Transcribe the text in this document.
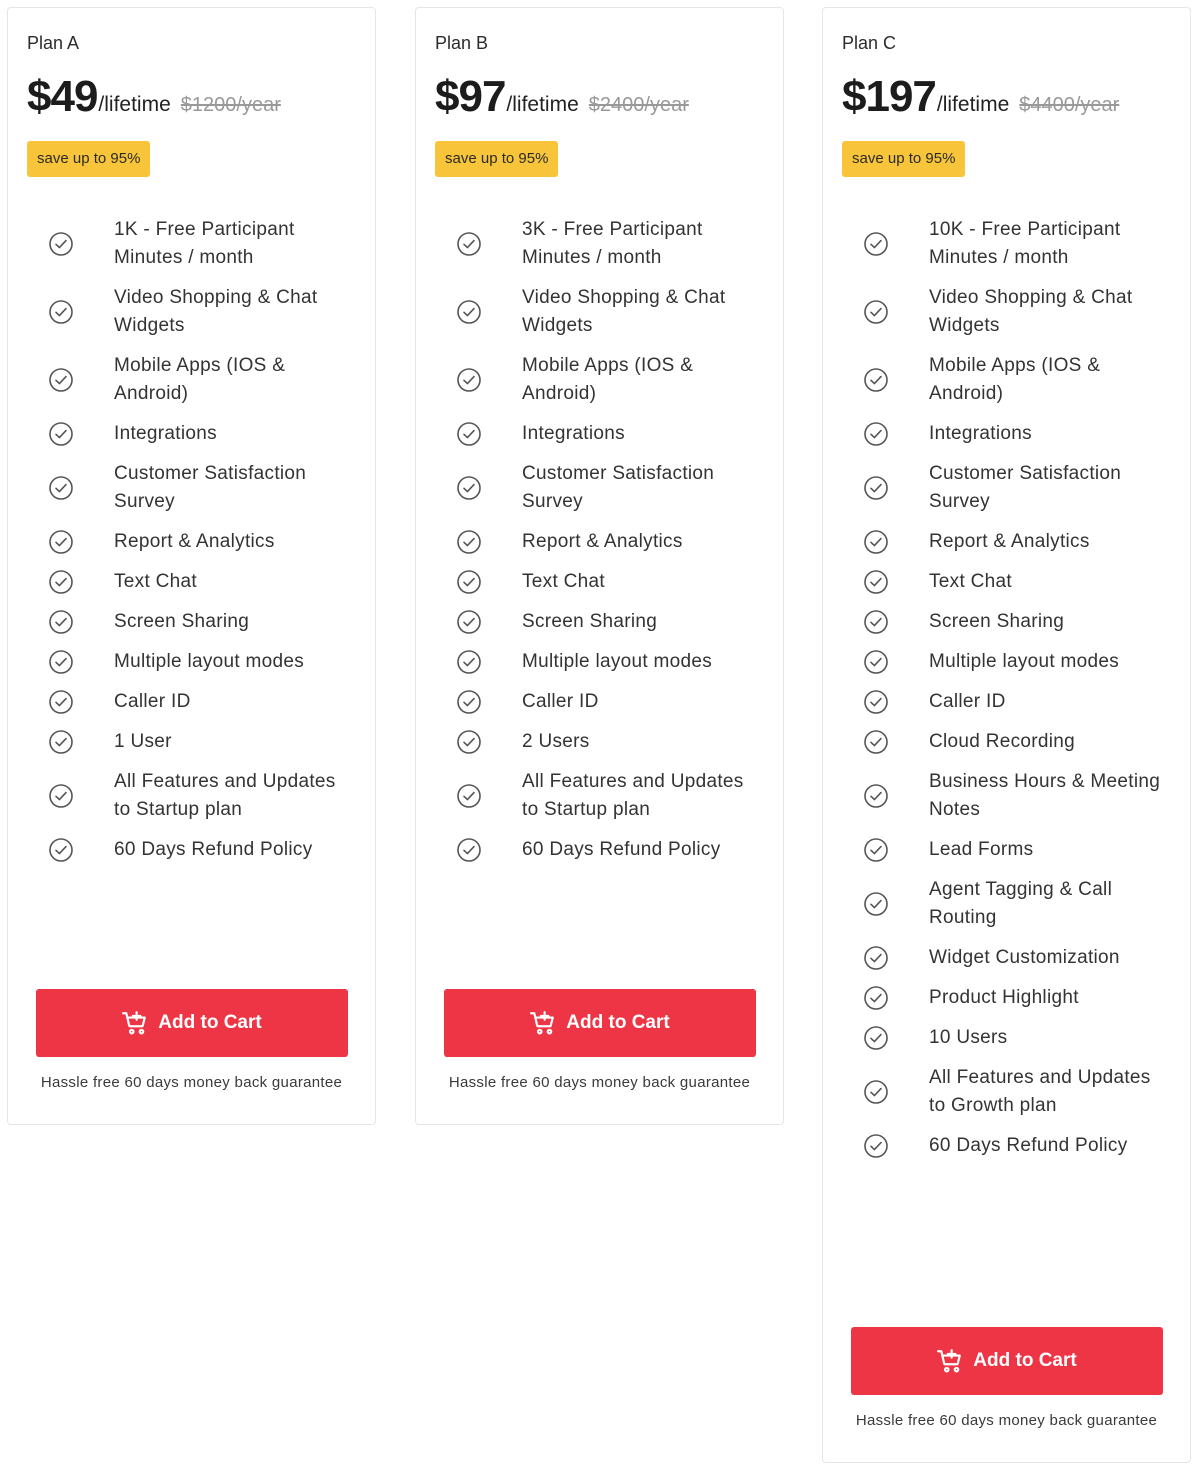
Plan A
$49/lifetime $1200/year
save up to 95%
1K - Free Participant Minutes / month
Video Shopping & Chat Widgets
Mobile Apps (IOS & Android)
Integrations
Customer Satisfaction Survey
Report & Analytics
Text Chat
Screen Sharing
Multiple layout modes
Caller ID
1 User
All Features and Updates to Startup plan
60 Days Refund Policy
Add to Cart
Hassle free 60 days money back guarantee
Plan B
$97/lifetime $2400/year
save up to 95%
3K - Free Participant Minutes / month
Video Shopping & Chat Widgets
Mobile Apps (IOS & Android)
Integrations
Customer Satisfaction Survey
Report & Analytics
Text Chat
Screen Sharing
Multiple layout modes
Caller ID
2 Users
All Features and Updates to Startup plan
60 Days Refund Policy
Add to Cart
Hassle free 60 days money back guarantee
Plan C
$197/lifetime $4400/year
save up to 95%
10K - Free Participant Minutes / month
Video Shopping & Chat Widgets
Mobile Apps (IOS & Android)
Integrations
Customer Satisfaction Survey
Report & Analytics
Text Chat
Screen Sharing
Multiple layout modes
Caller ID
Cloud Recording
Business Hours & Meeting Notes
Lead Forms
Agent Tagging & Call Routing
Widget Customization
Product Highlight
10 Users
All Features and Updates to Growth plan
60 Days Refund Policy
Add to Cart
Hassle free 60 days money back guarantee
